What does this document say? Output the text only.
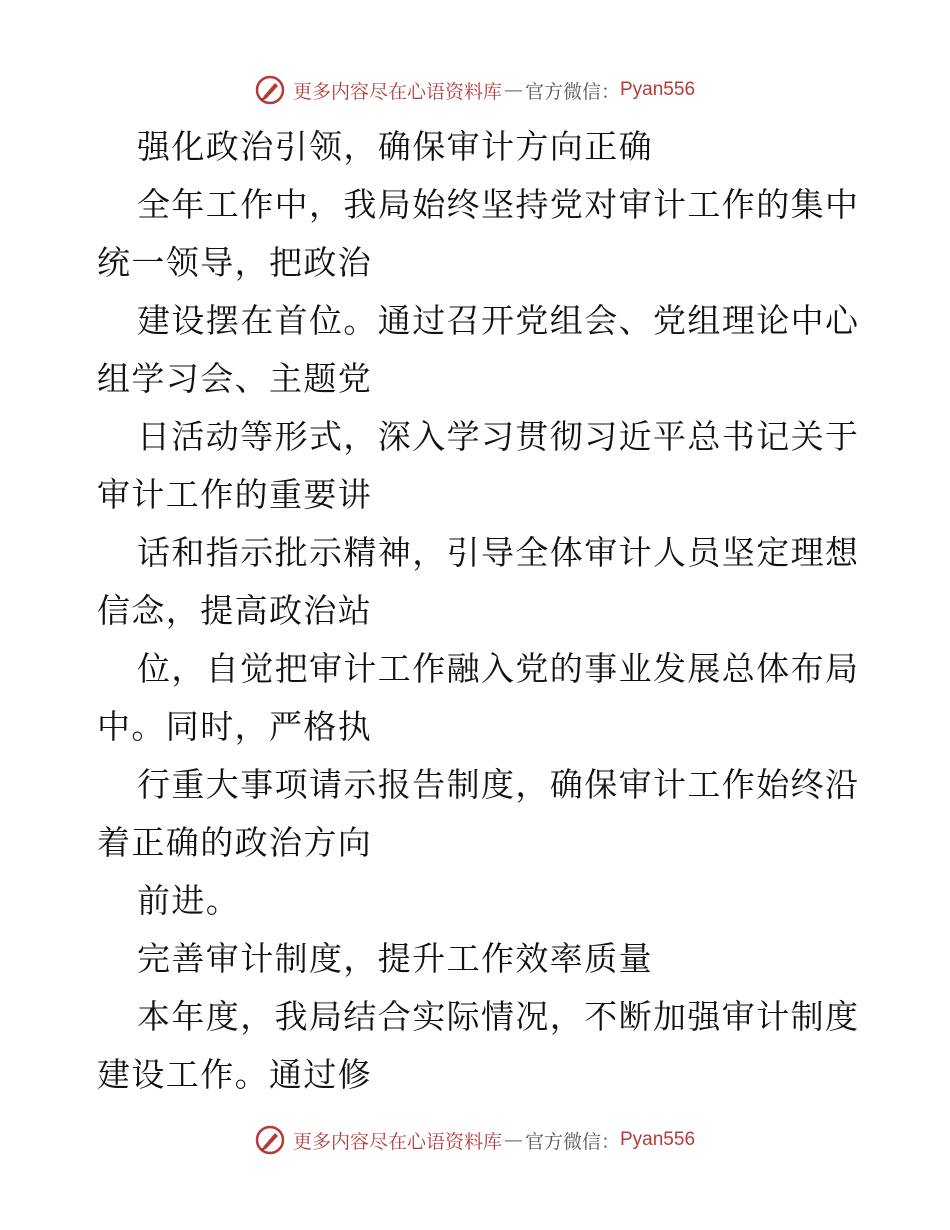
更多内容尽在心语资料库 — 官方微信： Pyan556
强化政治引领，确保审计方向正确
全年工作中，我局始终坚持党对审计工作的集中
统一领导，把政治
建设摆在首位。通过召开党组会、党组理论中心
组学习会、主题党
日活动等形式，深入学习贯彻习近平总书记关于
审计工作的重要讲
话和指示批示精神，引导全体审计人员坚定理想
信念，提高政治站
位，自觉把审计工作融入党的事业发展总体布局
中。同时，严格执
行重大事项请示报告制度，确保审计工作始终沿
着正确的政治方向
前进。
完善审计制度，提升工作效率质量
本年度，我局结合实际情况，不断加强审计制度
建设工作。通过修
更多内容尽在心语资料库 — 官方微信： Pyan556
